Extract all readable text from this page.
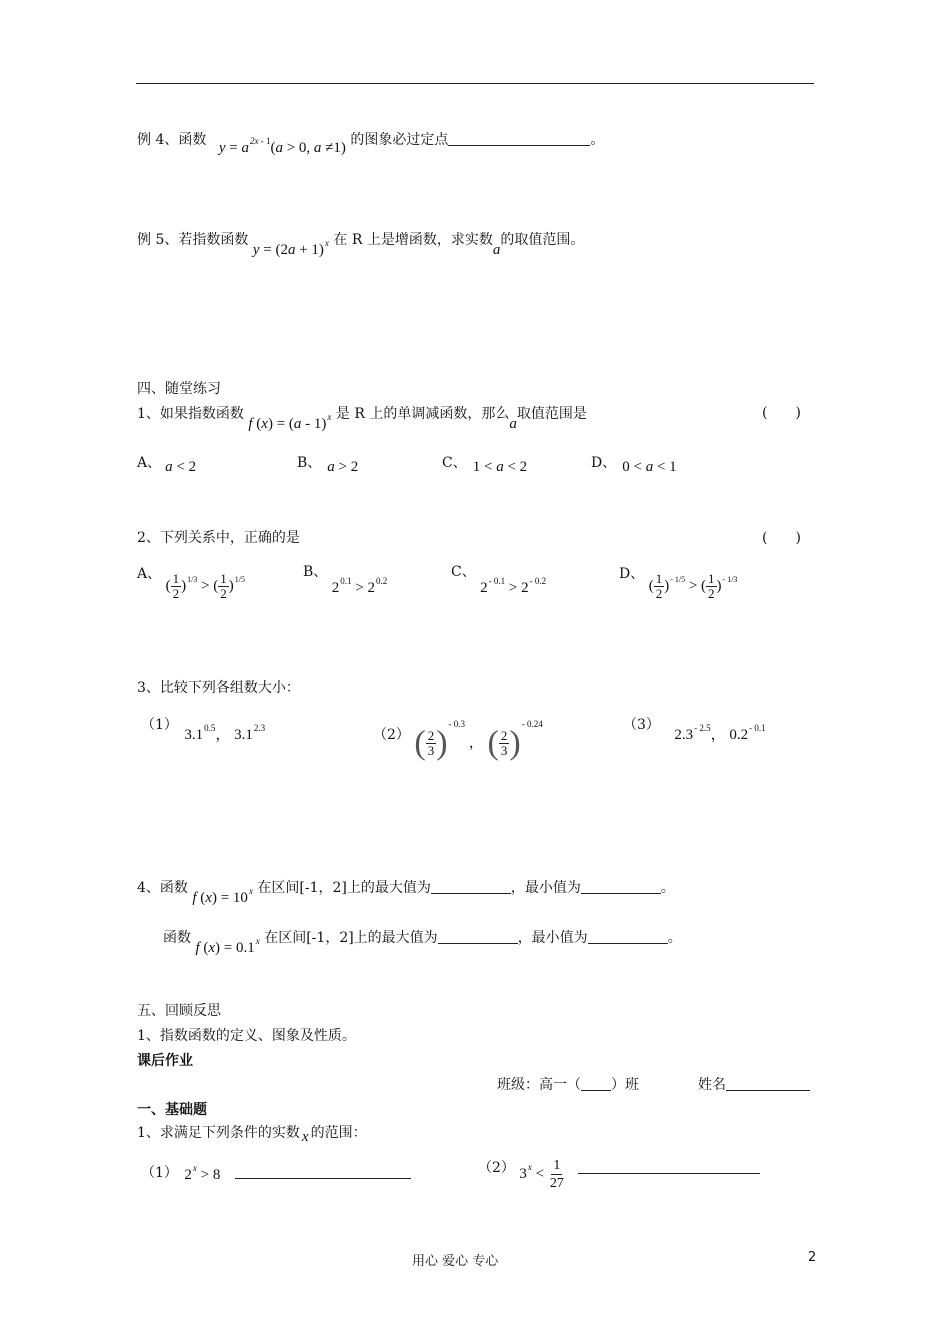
例 4、函数 $y = a^{2x - 1}(a > 0$, a ≠1) 的图象必过定点	。
例 5、若指数函数 $y = (2a + 1)^x$ 在 R 上是增函数，求实数a的取值范围。
四、随堂练习
1、如果指数函数 f (x) = (a - 1)$^x$ 是 R 上的单调减函数，那么a取值范围是	(　　)
A、 a < 2	B、 a > 2	C、 1 < a < 2	D、 0 < a < 1
2、下列关系中，正确的是	(　　)
A、 ( $\frac{1}{2} )^{1/3}$ > ( $\frac{1}{2} )^{1/5}$	B、 $2^{0.1} > 2^{0.2}$
C、 $2^{- 0.1} > 2^{- 0.2}$	D、 ( $\frac{1}{2} )^{- 1/5}$ > ( $\frac{1}{2} )^{- 1/3}$
3、比较下列各组数大小：
（1） $3.1^{0.5}$， $3.1^{2.3}$	（2） ( $\frac{2}{3} )^{- 0.3}$ ， ( $\frac{2}{3} )^{- 0.24}$	（3） $2.3^{- 2.5}$， $0.2^{- 0.1}$
4、函数 f $(x) = 10^x$ 在区间[-1，2]上的最大值为	，最小值为	。
函数 f $(x) = 0.1^x$ 在区间[-1，2]上的最大值为	，最小值为	。
五、回顾反思
1、指数函数的定义、图象及性质。
课后作业
班级：高一（ ）班	姓名
一、基础题
1、求满足下列条件的实数 x 的范围：
（1） $2^x > 8$	（2） $3^x < \frac{1}{27}$

用心 爱心 专心	2
